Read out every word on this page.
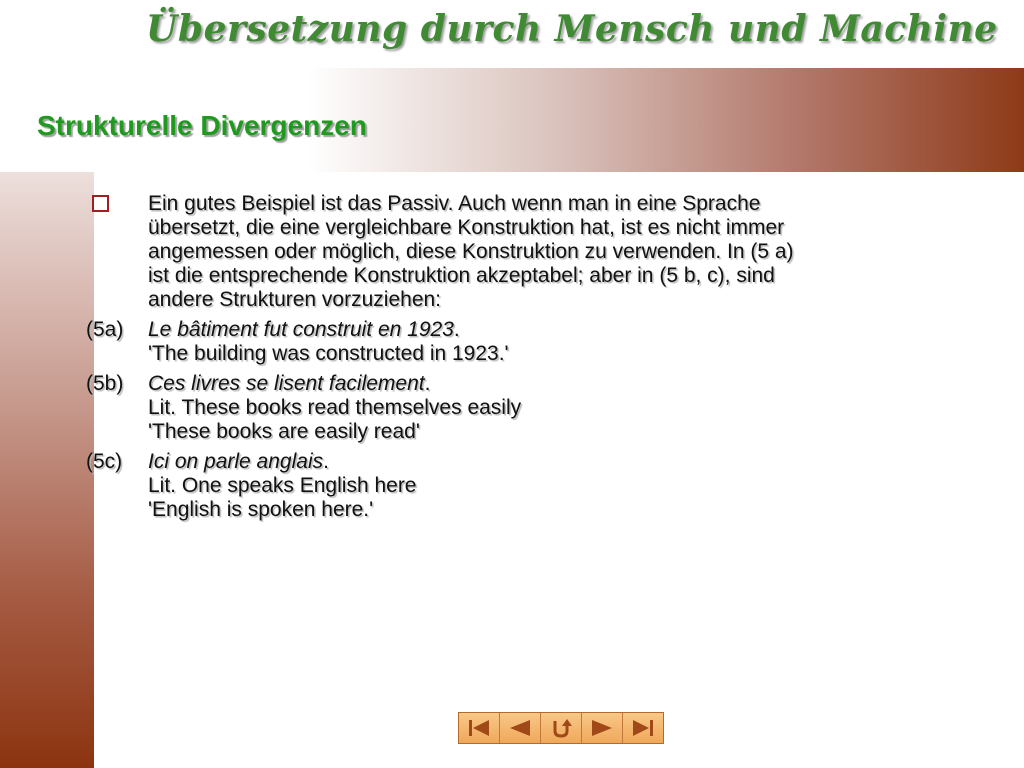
Übersetzung durch Mensch und Machine
Strukturelle Divergenzen
Ein gutes Beispiel ist das Passiv. Auch wenn man in eine Sprache
übersetzt, die eine vergleichbare Konstruktion hat, ist es nicht immer
angemessen oder möglich, diese Konstruktion zu verwenden. In (5 a)
ist die entsprechende Konstruktion akzeptabel; aber in (5 b, c), sind
andere Strukturen vorzuziehen:
(5a)	Le bâtiment fut construit en 1923.
'The building was constructed in 1923.'
(5b)	Ces livres se lisent facilement.
Lit. These books read themselves easily
'These books are easily read'
(5c)	Ici on parle anglais.
Lit. One speaks English here
'English is spoken here.'
